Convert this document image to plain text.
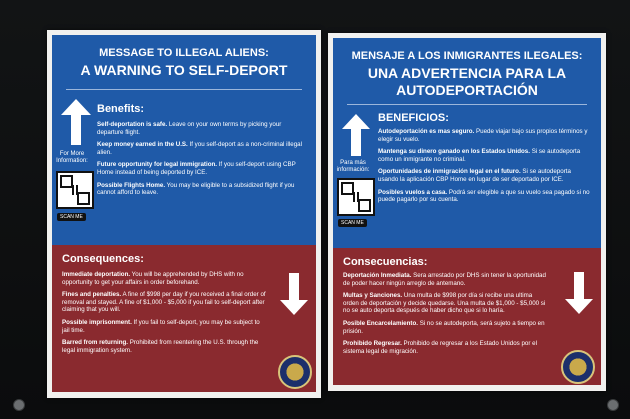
MESSAGE TO ILLEGAL ALIENS:
A WARNING TO SELF-DEPORT
For More Information:
SCAN ME
Benefits:
Self-deportation is safe. Leave on your own terms by picking your departure flight.
Keep money earned in the U.S. If you self-deport as a non-criminal illegal alien.
Future opportunity for legal immigration. If you self-deport using CBP Home instead of being deported by ICE.
Possible Flights Home. You may be eligible to a subsidized flight if you cannot afford to leave.
Consequences:
Immediate deportation. You will be apprehended by DHS with no opportunity to get your affairs in order beforehand.
Fines and penalties. A fine of $998 per day if you received a final order of removal and stayed. A fine of $1,000 - $5,000 if you fail to self-deport after claiming that you will.
Possible imprisonment. If you fail to self-deport, you may be subject to jail time.
Barred from returning. Prohibited from reentering the U.S. through the legal immigration system.
MENSAJE A LOS INMIGRANTES ILEGALES:
UNA ADVERTENCIA PARA LA AUTODEPORTACIÓN
Para más información:
SCAN ME
BENEFICIOS:
Autodeportación es mas seguro. Puede viajar bajo sus propios términos y elegir su vuelo.
Mantenga su dinero ganado en los Estados Unidos. Si se autodeporta como un inmigrante no criminal.
Oportunidades de inmigración legal en el futuro. Si se autodeporta usando la aplicación CBP Home en lugar de ser deportado por ICE.
Posibles vuelos a casa. Podrá ser elegible a que su vuelo sea pagado si no puede pagarlo por su cuenta.
Consecuencias:
Deportación Inmediata. Sera arrestado por DHS sin tener la oportunidad de poder hacer ningún arreglo de antemano.
Multas y Sanciones. Una multa de $998 por día si recibe una ultima orden de deportación y decide quedarse. Una multa de $1,000 - $5,000 si no se auto deporta después de haber dicho que si lo haría.
Posible Encarcelamiento. Si no se autodeporta, será sujeto a tiempo en prisión.
Prohibido Regresar. Prohibido de regresar a los Estado Unidos por el sistema legal de migración.
